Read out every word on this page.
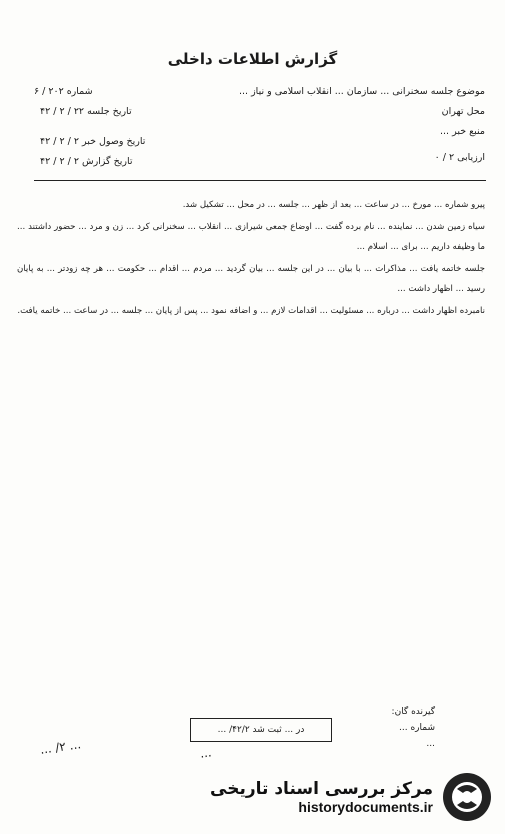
گزارش اطلاعات داخلی
موضوع جلسه سخنرانی ... سازمان ... انقلاب اسلامی و نیاز ...
شماره ۲۰۲ / ۶
محل تهران
تاریخ جلسه ۲۲ / ۲ / ۴۲
منبع خبر ...
تاریخ وصول خبر ۲ / ۲ / ۴۲
ارزیابی ۲ / ۰
تاریخ گزارش ۲ / ۲ / ۴۲

پیرو شماره ... مورخ ... در ساعت ... بعد از ظهر ... جلسه ... در محل ... تشکیل شد.

سیاه زمین شدن ... نماینده ... نام برده گفت ... اوضاع جمعی شیرازی ... انقلاب ... سخنرانی کرد ... زن و مرد ... حضور داشتند ... ما وظیفه داریم ... برای ... اسلام ...

جلسه خاتمه یافت ... مذاکرات ... با بیان ... در این جلسه ... بیان گردید ... مردم ... اقدام ... حکومت ... هر چه زودتر ... به پایان رسید ... اظهار داشت ...

نامبرده اظهار داشت ... درباره ... مسئولیت ... اقدامات لازم ... و اضافه نمود ... پس از پایان ... جلسه ... در ساعت ... خاتمه یافت.

گیرنده گان:
شماره ...
...
در ... ثبت شد ۴۲/۲/ ...
... ۲/ ...	...
مرکز بررسی اسناد تاریخی
historydocuments.ir
